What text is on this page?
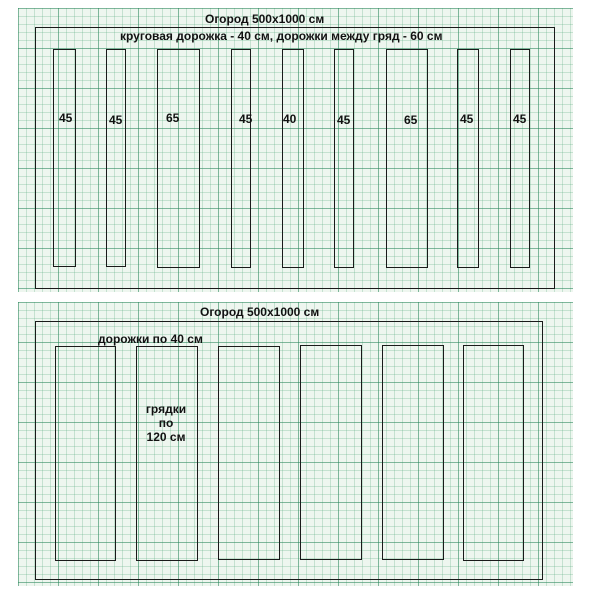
Огород 500х1000 см
круговая дорожка - 40 см, дорожки между гряд - 60 см
45	45	65	45	40	45	65	45	45
Огород 500х1000 см
дорожки по 40 см
грядки
по
120 см
